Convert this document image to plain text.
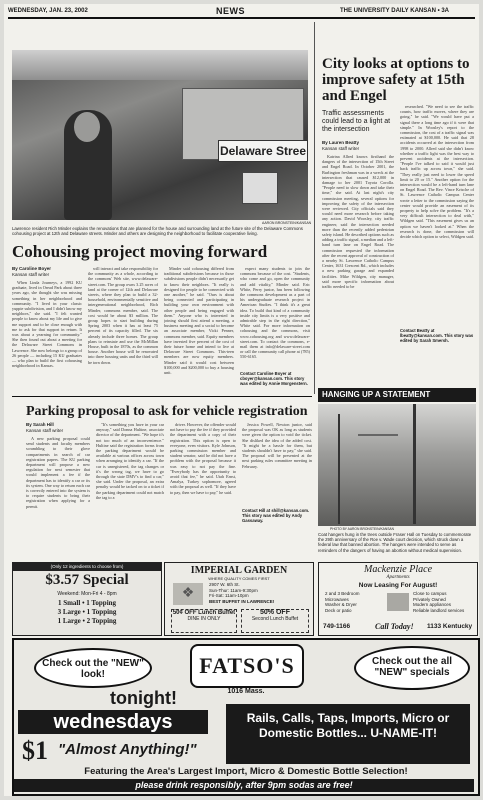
WEDNESDAY, JAN. 23, 2002	NEWS	THE UNIVERSITY DAILY KANSAN • 3A
Delaware Stree
AARON BRONSTEIN/KANSAN
Lawrence resident Rich Minder explains the renovations that are planned for the house and surrounding land at the future site of the Delaware Commons cohousing project at 12th and Delaware streets. Minder and others are designing the neighborhood to facilitate cooperative living.
Cohousing project moving forward
By Caroline Boyer
Kansan staff writer

When Linda Journeys, a 1992 KU graduate, lived in Oread Park about three years ago, she thought she was missing something in her neighborhood and community. "I lived in your classic yuppie subdivision, and I didn't know my neighbors," she said. "I felt wanted people to know about my life and to give me support and to be close enough with me to ask for that support in return. It was about a yearning for community." She then found out about a meeting for the Delaware Street Commons in Lawrence. She now belongs to a group of 26 people — including 15 KU graduates — who plan to build the first cohousing neighborhood in Kansas.

will interact and take responsibility for the community as a whole, according to the commons' Web site, www.delaware-street.com. The group owns 3.25 acres of land at the corner of 12th and Delaware streets, where they plan to build a 32-household, environmentally sensitive and intergenerational neighborhood, Rich Minder, commons member, said. The cost would be about $3 million. The group hopes to start building during Spring 2003 when it has at least 75 percent of its capacity filled. The six already include three homes. The group plans to reinstate and use the McMillan House, built in the 1870s, as the common house. Another house will be renovated into three housing units and the third will be torn down.

Minder said cohousing differed from traditional subdivisions because in those subdivisions people didn't necessarily get to know their neighbors. "It really is designed for people to be connected with one another," he said. "Ours is about being connected and participating in building your own environment with other people and being engaged with them." Anyone who is interested in joining should first attend a meeting, a business meeting and a social to become an associate member, Vicki Penner, commons member, said. Equity members have invested five percent of the cost of their future home and intend to live at Delaware Street Commons. This-teen members are now equity members. Minder said it would cost between $100,000 and $200,000 to buy a housing unit.

expect many students to join the commons because of the cost. "Students, who come and go, open the community and add vitality," Minder said. Eric White, Perry junior, has been following the commons development as a part of his undergraduate research project in American Studies. "I think it's a great idea. To build that kind of a community inside city limits is a very positive and admirable step in the right direction," White said. For more information on cohousing and the commons, visit www.cohousing.org and www.delaware-street.com. To contact the commons, e-mail them at info@delaware-street.com or call the community call phone at (785) 550-6165.

Contact Caroline Boyer at cboyer@kansan.com. This story was edited by Annie Morgenstern.
City looks at options to improve safety at 15th and Engel
Traffic assessments could lead to a light at the intersection
By Lauren Beatty
Kansan staff writer

Katrina Allred knows firsthand the dangers of the intersection of 15th Street and Engel Road. In October 2001, the Burlington freshman was in a wreck at the intersection that caused $12,000 in damage to her 2001 Toyota Corolla. "People need to slow down and take their time," she said. At last night's city commission meeting, several options for improving the safety of the intersection were reviewed. City officials said they would need more research before taking any action. David Woosley, city traffic engineer, said the intersection needed more than the recently added pedestrian safety island. He described options such as adding a traffic signal, a median and a left-hand turn lane on Engel Road. The commission requested the information after the recent approval of construction of a nearby St. Lawrence Catholic Campus Center, 1631 Crescent Rd., which includes a new parking garage and expanded facilities. Mike Wildgen, city manager, said more specific information about traffic needed to be

researched. "We need to see the traffic counts, how traffic moves, where they are going," he said. "We would have put a signal there a long time ago if it were that simple." In Woosley's report to the commission, the cost of a traffic signal was estimated at $100,000. He said that 28 accidents occurred at the intersection from 1998 to 2000. Allred said she didn't know whether a traffic light was the best way to prevent accidents at the intersection. "People I've talked to said it would just back traffic up across town," she said. "They really just need to lower the speed limit to 20 or 15." Another option for the intersection would be a left-hand turn lane on Engel Road. The Rev. Vince Krische of St. Lawrence Catholic Campus Center wrote a letter to the commission saying the center would provide an easement of its property to help solve the problem. "It's a very difficult intersection to deal with," Wildgen said. "This easement gives us an option we haven't looked at." When the research is done, the commission will decide which option to select, Wildgen said.

Contact Beatty at lbeatty@kansan.com. This story was edited by Sarah Smersh.
HANGING UP A STATEMENT
PHOTO BY AARON BRONSTEIN/KANSAN
Coat hangers hung in the trees outside Fraser Hall on Tuesday to commemorate the 29th anniversary of the Roe v. Wade court decision, which struck down a federal law that banned abortion. The hangers were intended to serve as reminders of the dangers of having an abortion without medical supervision.
Parking proposal to ask for vehicle registration
By Sarah Hill
Kansan staff writer

A new parking proposal could send students and faculty members scrambling to their glove compartments in search of car registration papers. The KU parking department will propose a new regulation for next semester that would implement a fee if the department has to identify a car or its its system. One way to return each car is correctly entered into the system is to require students to bring their registration when applying for a permit.

"It's something you have in your car anyway," said Donna Hultine, associate director of the department. "We hope it's not too much of an inconvenience." Hultine said the registration forms from the parking department would be available at various offices across town when arranging to identify a car. "If the car is unregistered, the tag changes or it's the wrong tag, we have to go through the state DMV's to find a car," she said. Under the proposal, an extra penalty would be tacked on to a ticket if the parking department could not match the tag to a

driver. However, the offender would not have to pay the fee if they provided the department with a copy of their registration. This option is open to everyone, even visitors. Kyle Johnson, parking commission member and student senator, said he did not have a problem with the proposal because it was easy to not pay the fine. "Everybody has the opportunity to avoid that fee," he said. Utah Ernst, Amalya, Turkey sophomore, agreed with the proposal as well. "If they have to pay, then we have to pay," he said.

Jessica Powell, Newton junior, said the proposal was OK as long as students were given the option to void the ticket. She disliked the idea of the added cost. "It might be a hassle for them, but students shouldn't have to pay," she said. The proposal will be presented at the next parking rules committee meeting in February.

Contact Hill at shill@kansan.com. This story was edited by Andy Gassaway.
(Only 12 ingredients to choose from)
$3.57 Special
Weekend: Mon-Fri 4 - 8pm
1 Small • 1 Topping
3 Large • 1 Topping
1 Large • 2 Topping
IMPERIAL GARDEN
WHERE QUALITY COMES FIRST
2907 W. 6th St.
Sun-Thur: 11am-9:30pm
Fri-Sat: 11am-10pm
BEST BUFFET IN LAWRENCE!
❖
50¢ OFF Lunch Buffet
DINE IN ONLY
50% OFF
Second Lunch Buffet
Mackenzie Place
Apartments
Now Leasing For August!
2 and 3 Bedroom
Microwaves
Washer & Dryer
Deck or patio
Close to campus
Privately Owned
Modern appliances
Reliable landlord services
749-1166	Call Today! 1133 Kentucky
Check out the "NEW" look!
Check out the all "NEW" specials
FATSO'S
1016 Mass.
tonight!
wednesdays
$1 "Almost Anything!"
Rails, Calls, Taps, Imports, Micro or Domestic Bottles... U-NAME-IT!
Featuring the Area's Largest Import, Micro & Domestic Bottle Selection!
please drink responsibly, after 9pm sodas are free!
